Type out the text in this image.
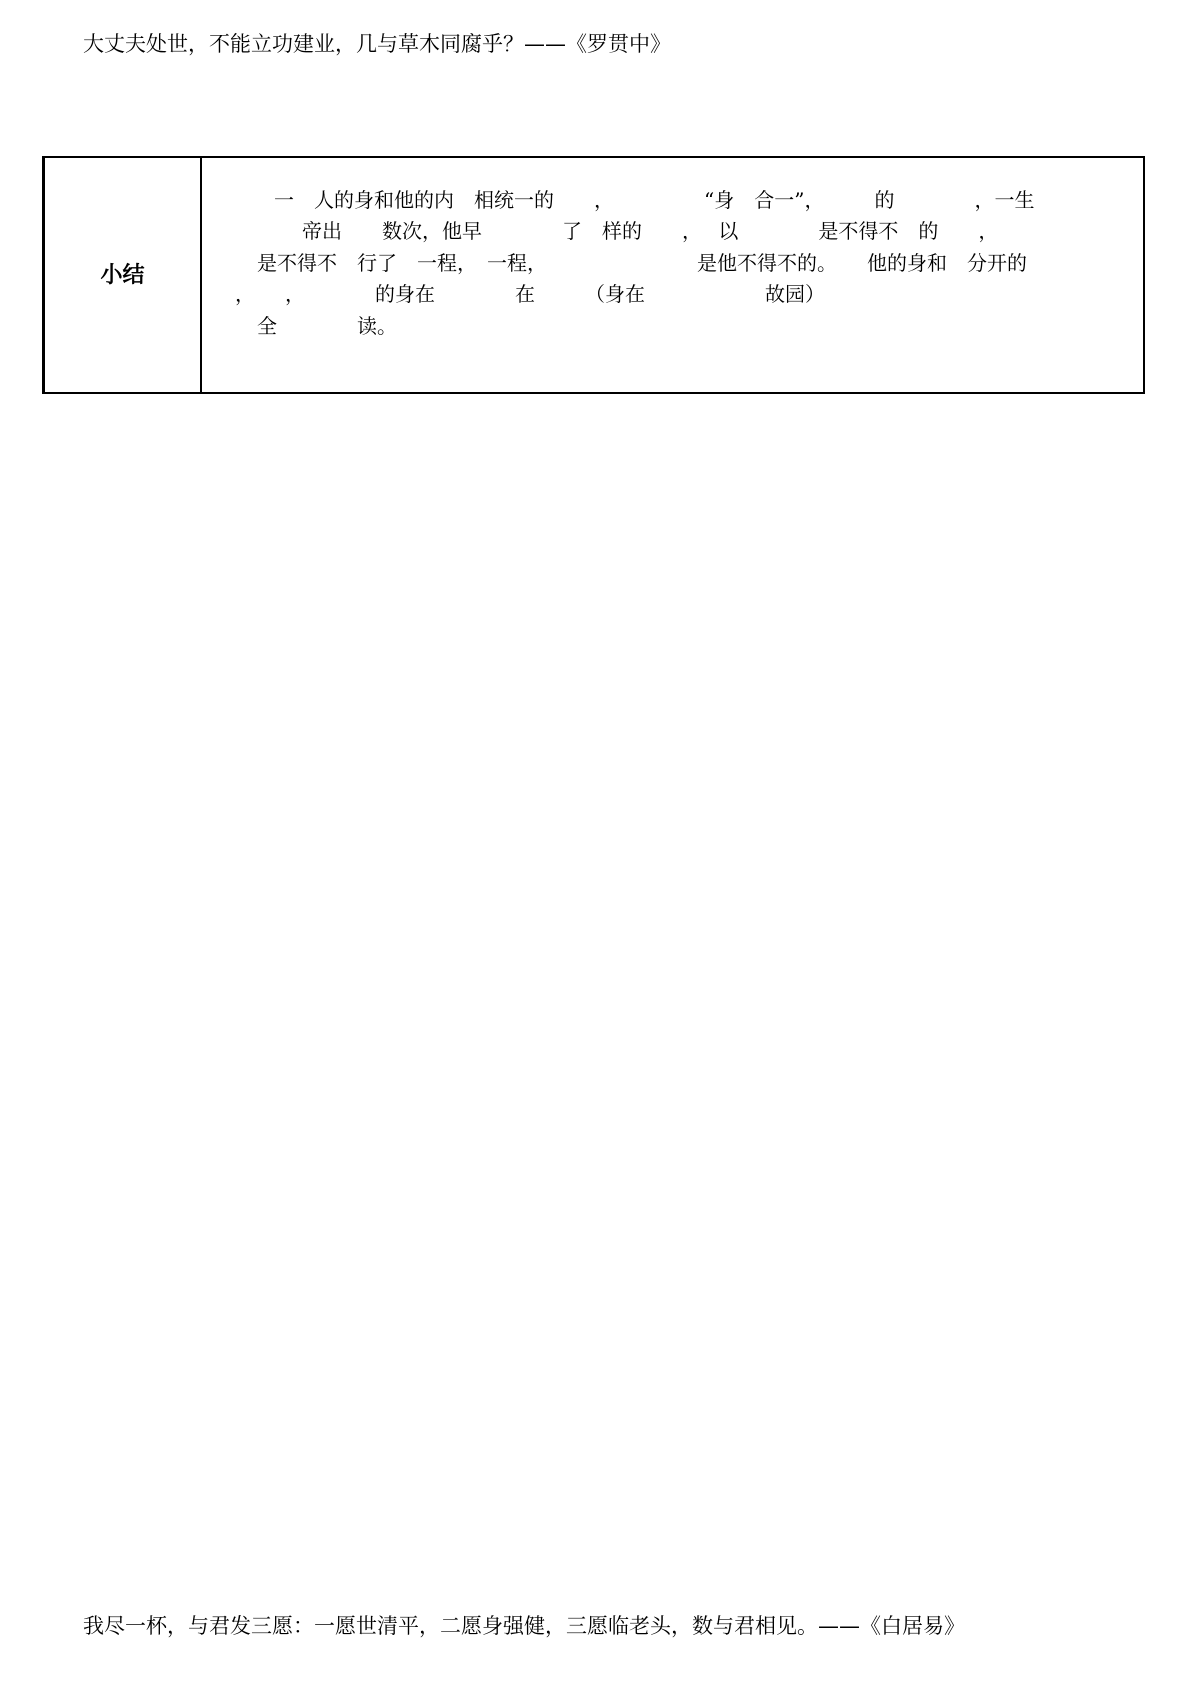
大丈夫处世，不能立功建业，几与草木同腐乎？——《罗贯中》
小结

一　人的身和他的内　相统一的　　，　　　　　“身　合一”，　　　的　　　　，一生
帝出　　数次，他早　　　　了　样的　　，　 以　　　　是不得不　的　　，
是不得不　行了　一程，　一程，　　　　　　　　是他不得不的。　　他的身和　分开的
，　　，　　　　的身在　　　　在　　　（身在　　　　　　故园）
全　　　　读。
我尽一杯，与君发三愿：一愿世清平，二愿身强健，三愿临老头，数与君相见。——《白居易》
